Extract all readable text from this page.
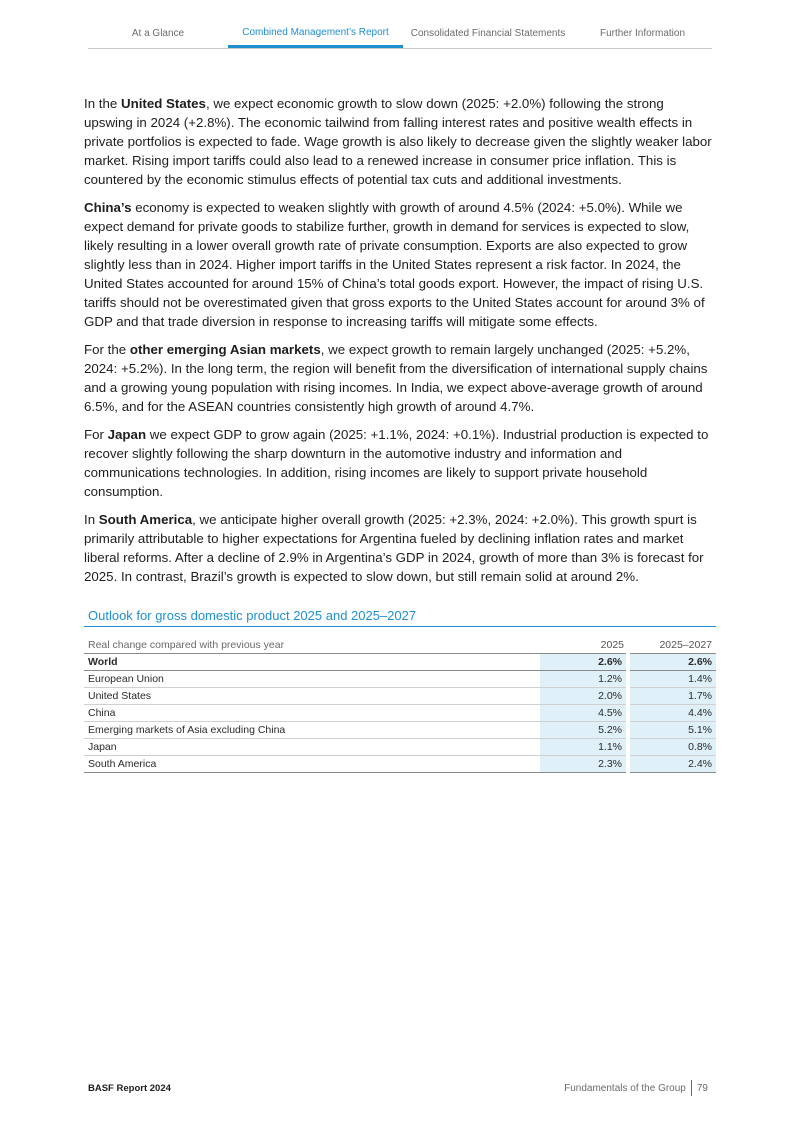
At a Glance	Combined Management’s Report	Consolidated Financial Statements	Further Information

In the United States, we expect economic growth to slow down (2025: +2.0%) following the strong upswing in 2024 (+2.8%). The economic tailwind from falling interest rates and positive wealth effects in private portfolios is expected to fade. Wage growth is also likely to decrease given the slightly weaker labor market. Rising import tariffs could also lead to a renewed increase in consumer price inflation. This is countered by the economic stimulus effects of potential tax cuts and additional investments.

China’s economy is expected to weaken slightly with growth of around 4.5% (2024: +5.0%). While we expect demand for private goods to stabilize further, growth in demand for services is expected to slow, likely resulting in a lower overall growth rate of private consumption. Exports are also expected to grow slightly less than in 2024. Higher import tariffs in the United States represent a risk factor. In 2024, the United States accounted for around 15% of China’s total goods export. However, the impact of rising U.S. tariffs should not be overestimated given that gross exports to the United States account for around 3% of GDP and that trade diversion in response to increasing tariffs will mitigate some effects.

For the other emerging Asian markets, we expect growth to remain largely unchanged (2025: +5.2%, 2024: +5.2%). In the long term, the region will benefit from the diversification of international supply chains and a growing young population with rising incomes. In India, we expect above-average growth of around 6.5%, and for the ASEAN countries consistently high growth of around 4.7%.

For Japan we expect GDP to grow again (2025: +1.1%, 2024: +0.1%). Industrial production is expected to recover slightly following the sharp downturn in the automotive industry and information and communications technologies. In addition, rising incomes are likely to support private household consumption.

In South America, we anticipate higher overall growth (2025: +2.3%, 2024: +2.0%). This growth spurt is primarily attributable to higher expectations for Argentina fueled by declining inflation rates and market liberal reforms. After a decline of 2.9% in Argentina’s GDP in 2024, growth of more than 3% is forecast for 2025. In contrast, Brazil’s growth is expected to slow down, but still remain solid at around 2%.

Outlook for gross domestic product 2025 and 2025–2027
Real change compared with previous year	2025	2025–2027
World	2.6%	2.6%
European Union	1.2%	1.4%
United States	2.0%	1.7%
China	4.5%	4.4%
Emerging markets of Asia excluding China	5.2%	5.1%
Japan	1.1%	0.8%
South America	2.3%	2.4%
BASF Report 2024	Fundamentals of the Group 79
